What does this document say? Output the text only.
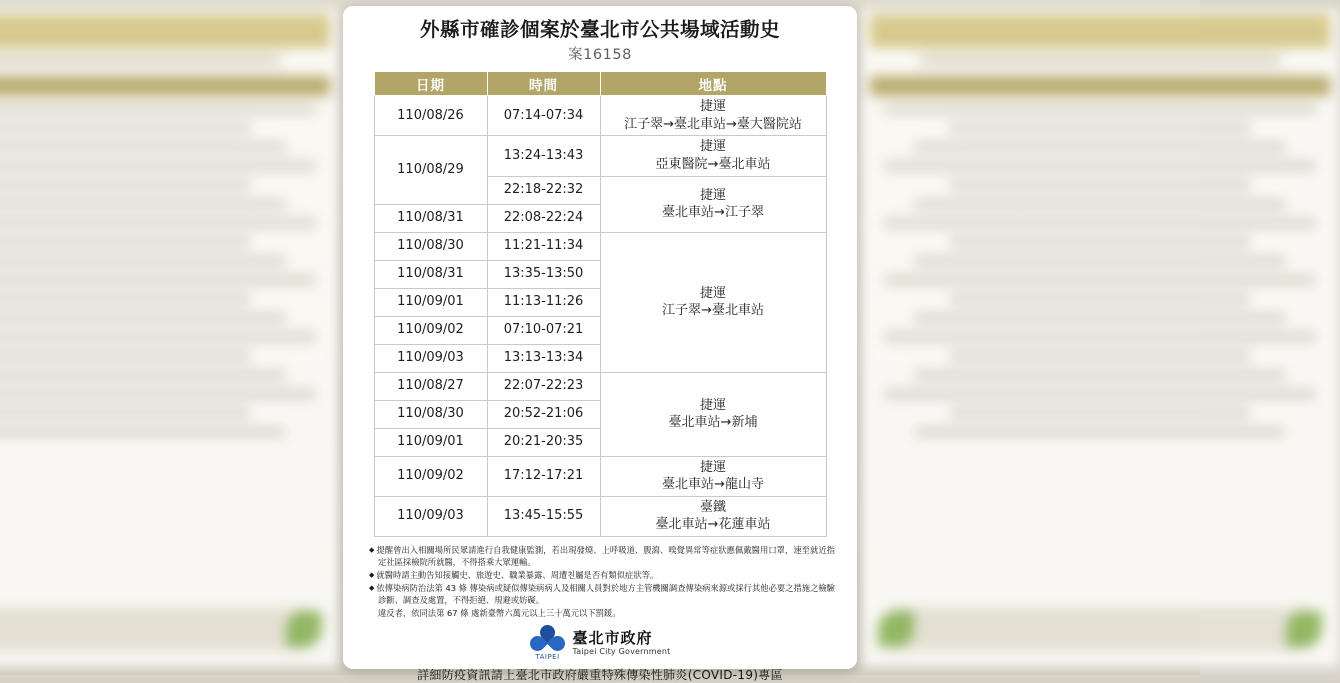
外縣市確診個案於臺北市公共場域活動史
案16158
日期	時間	地點
110/08/26	07:14-07:34	捷運
江子翠→臺北車站→臺大醫院站

110/08/29	13:24-13:43	捷運
亞東醫院→臺北車站

	22:18-22:32	捷運
臺北車站→江子翠

110/08/31	22:08-22:24	
110/08/30	11:21-11:34	捷運
江子翠→臺北車站

110/08/31	13:35-13:50	
110/09/01	11:13-11:26	
110/09/02	07:10-07:21	
110/09/03	13:13-13:34	
110/08/27	22:07-22:23	捷運
臺北車站→新埔

110/08/30	20:52-21:06	
110/09/01	20:21-20:35	
110/09/02	17:12-17:21	捷運
臺北車站→龍山寺

110/09/03	13:45-15:55	臺鐵
臺北車站→花蓮車站
◆ 提醒曾出入相關場所民眾請進行自我健康監測，若出現發燒、上呼吸道、腹瀉、嗅覺異常等症狀應佩戴醫用口罩，速至就近指定社區採檢院所就醫，不得搭乘大眾運輸。
◆ 就醫時請主動告知接觸史、旅遊史、職業暴露、周遭친屬是否有類似症狀等。
◆ 依傳染病防治法第 43 條 傳染病或疑似傳染病病人及相關人員對於地方主管機關調查傳染病來源或採行其他必要之措施之檢驗診斷、調查及處置，不得拒絕、規避或妨礙。
違反者，依同法第 67 條 處新臺幣六萬元以上三十萬元以下罰鍰。
TAIPEI
臺北市政府
Taipei City Government
詳細防疫資訊請上臺北市政府嚴重特殊傳染性肺炎(COVID-19)專區
